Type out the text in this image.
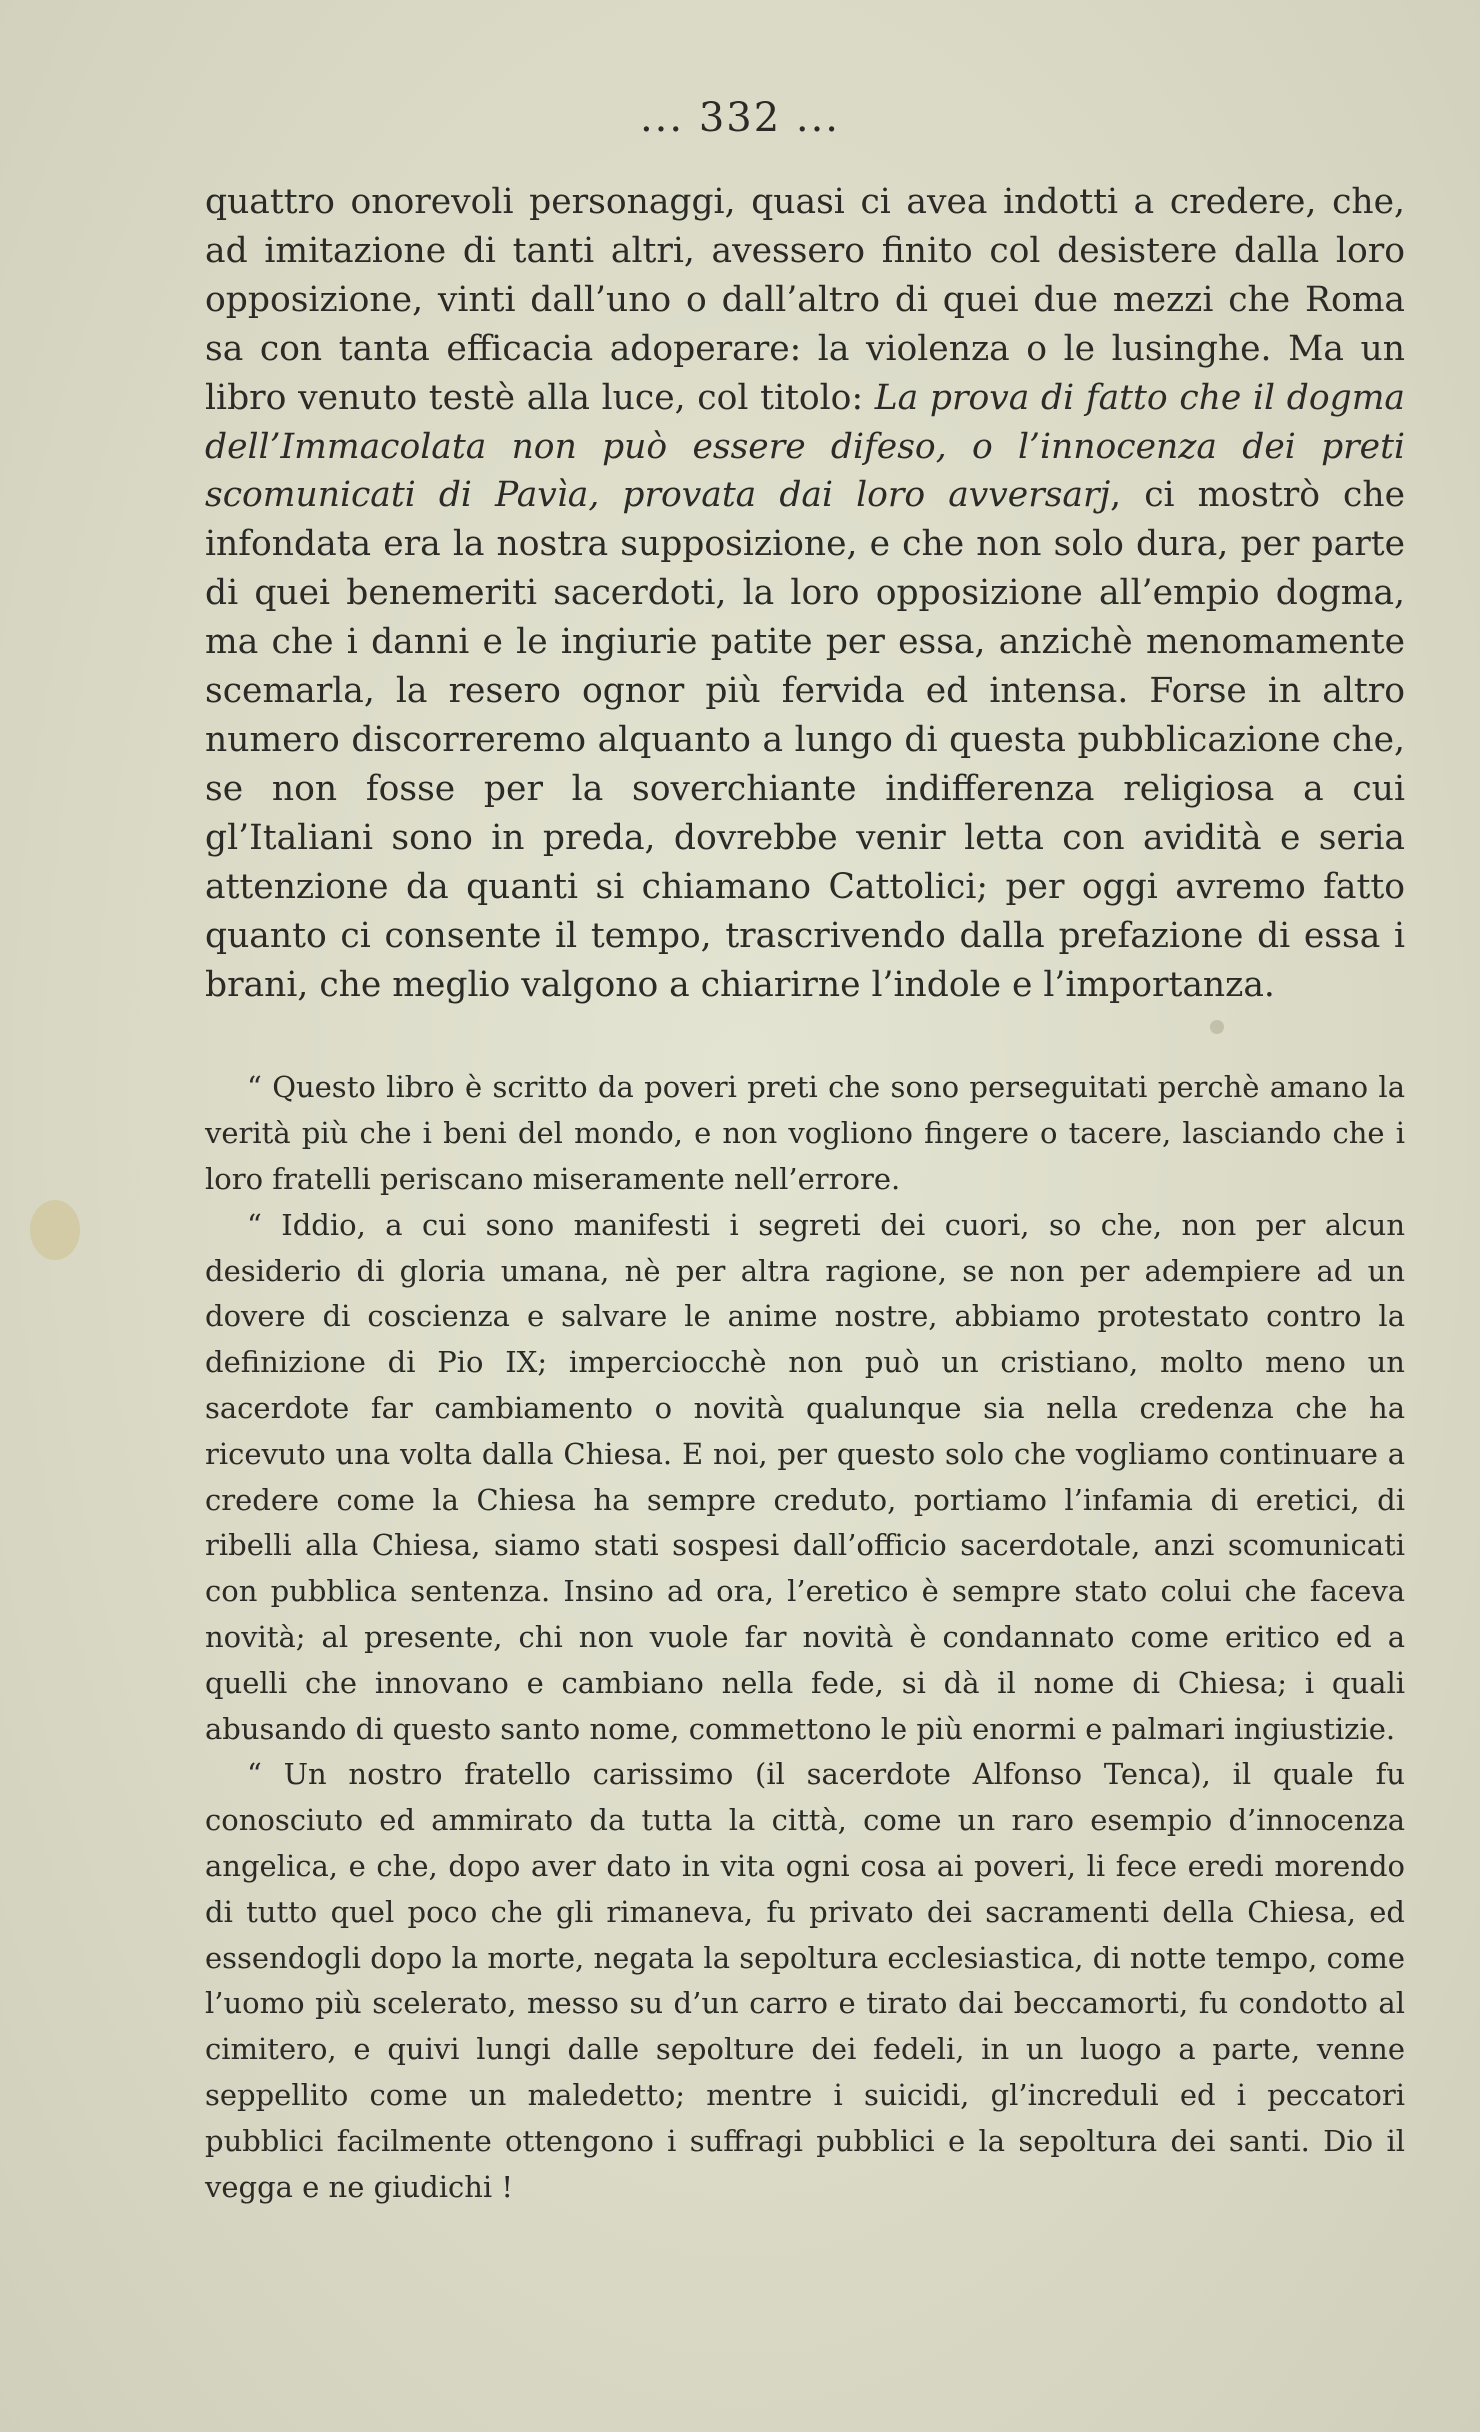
... 332 ...

quattro onorevoli personaggi, quasi ci avea indotti a credere, che, ad imitazione di tanti altri, avessero finito col desistere dalla loro opposizione, vinti dall’uno o dall’altro di quei due mezzi che Roma sa con tanta efficacia adoperare: la violenza o le lusinghe. Ma un libro venuto testè alla luce, col titolo: La prova di fatto che il dogma dell’Immacolata non può essere difeso, o l’innocenza dei preti scomunicati di Pavìa, provata dai loro avversarj, ci mostrò che infondata era la nostra supposizione, e che non solo dura, per parte di quei benemeriti sacerdoti, la loro opposizione all’empio dogma, ma che i danni e le ingiurie patite per essa, anzichè menomamente scemarla, la resero ognor più fervida ed intensa. Forse in altro numero discorreremo alquanto a lungo di questa pubblicazione che, se non fosse per la soverchiante indifferenza religiosa a cui gl’Italiani sono in preda, dovrebbe venir letta con avidità e seria attenzione da quanti si chiamano Cattolici; per oggi avremo fatto quanto ci consente il tempo, trascrivendo dalla prefazione di essa i brani, che meglio valgono a chiarirne l’indole e l’importanza.

“ Questo libro è scritto da poveri preti che sono perseguitati perchè amano la verità più che i beni del mondo, e non vogliono fingere o tacere, lasciando che i loro fratelli periscano miseramente nell’errore.

“ Iddio, a cui sono manifesti i segreti dei cuori, so che, non per alcun desiderio di gloria umana, nè per altra ragione, se non per adempiere ad un dovere di coscienza e salvare le anime nostre, abbiamo protestato contro la definizione di Pio IX; imperciocchè non può un cristiano, molto meno un sacerdote far cambiamento o novità qualunque sia nella credenza che ha ricevuto una volta dalla Chiesa. E noi, per questo solo che vogliamo continuare a credere come la Chiesa ha sempre creduto, portiamo l’infamia di eretici, di ribelli alla Chiesa, siamo stati sospesi dall’officio sacerdotale, anzi scomunicati con pubblica sentenza. Insino ad ora, l’eretico è sempre stato colui che faceva novità; al presente, chi non vuole far novità è condannato come eritico ed a quelli che innovano e cambiano nella fede, si dà il nome di Chiesa; i quali abusando di questo santo nome, commettono le più enormi e palmari ingiustizie.

“ Un nostro fratello carissimo (il sacerdote Alfonso Tenca), il quale fu conosciuto ed ammirato da tutta la città, come un raro esempio d’innocenza angelica, e che, dopo aver dato in vita ogni cosa ai poveri, li fece eredi morendo di tutto quel poco che gli rimaneva, fu privato dei sacramenti della Chiesa, ed essendogli dopo la morte, negata la sepoltura ecclesiastica, di notte tempo, come l’uomo più scelerato, messo su d’un carro e tirato dai beccamorti, fu condotto al cimitero, e quivi lungi dalle sepolture dei fedeli, in un luogo a parte, venne seppellito come un maledetto; mentre i suicidi, gl’increduli ed i peccatori pubblici facilmente ottengono i suffragi pubblici e la sepoltura dei santi. Dio il vegga e ne giudichi !
